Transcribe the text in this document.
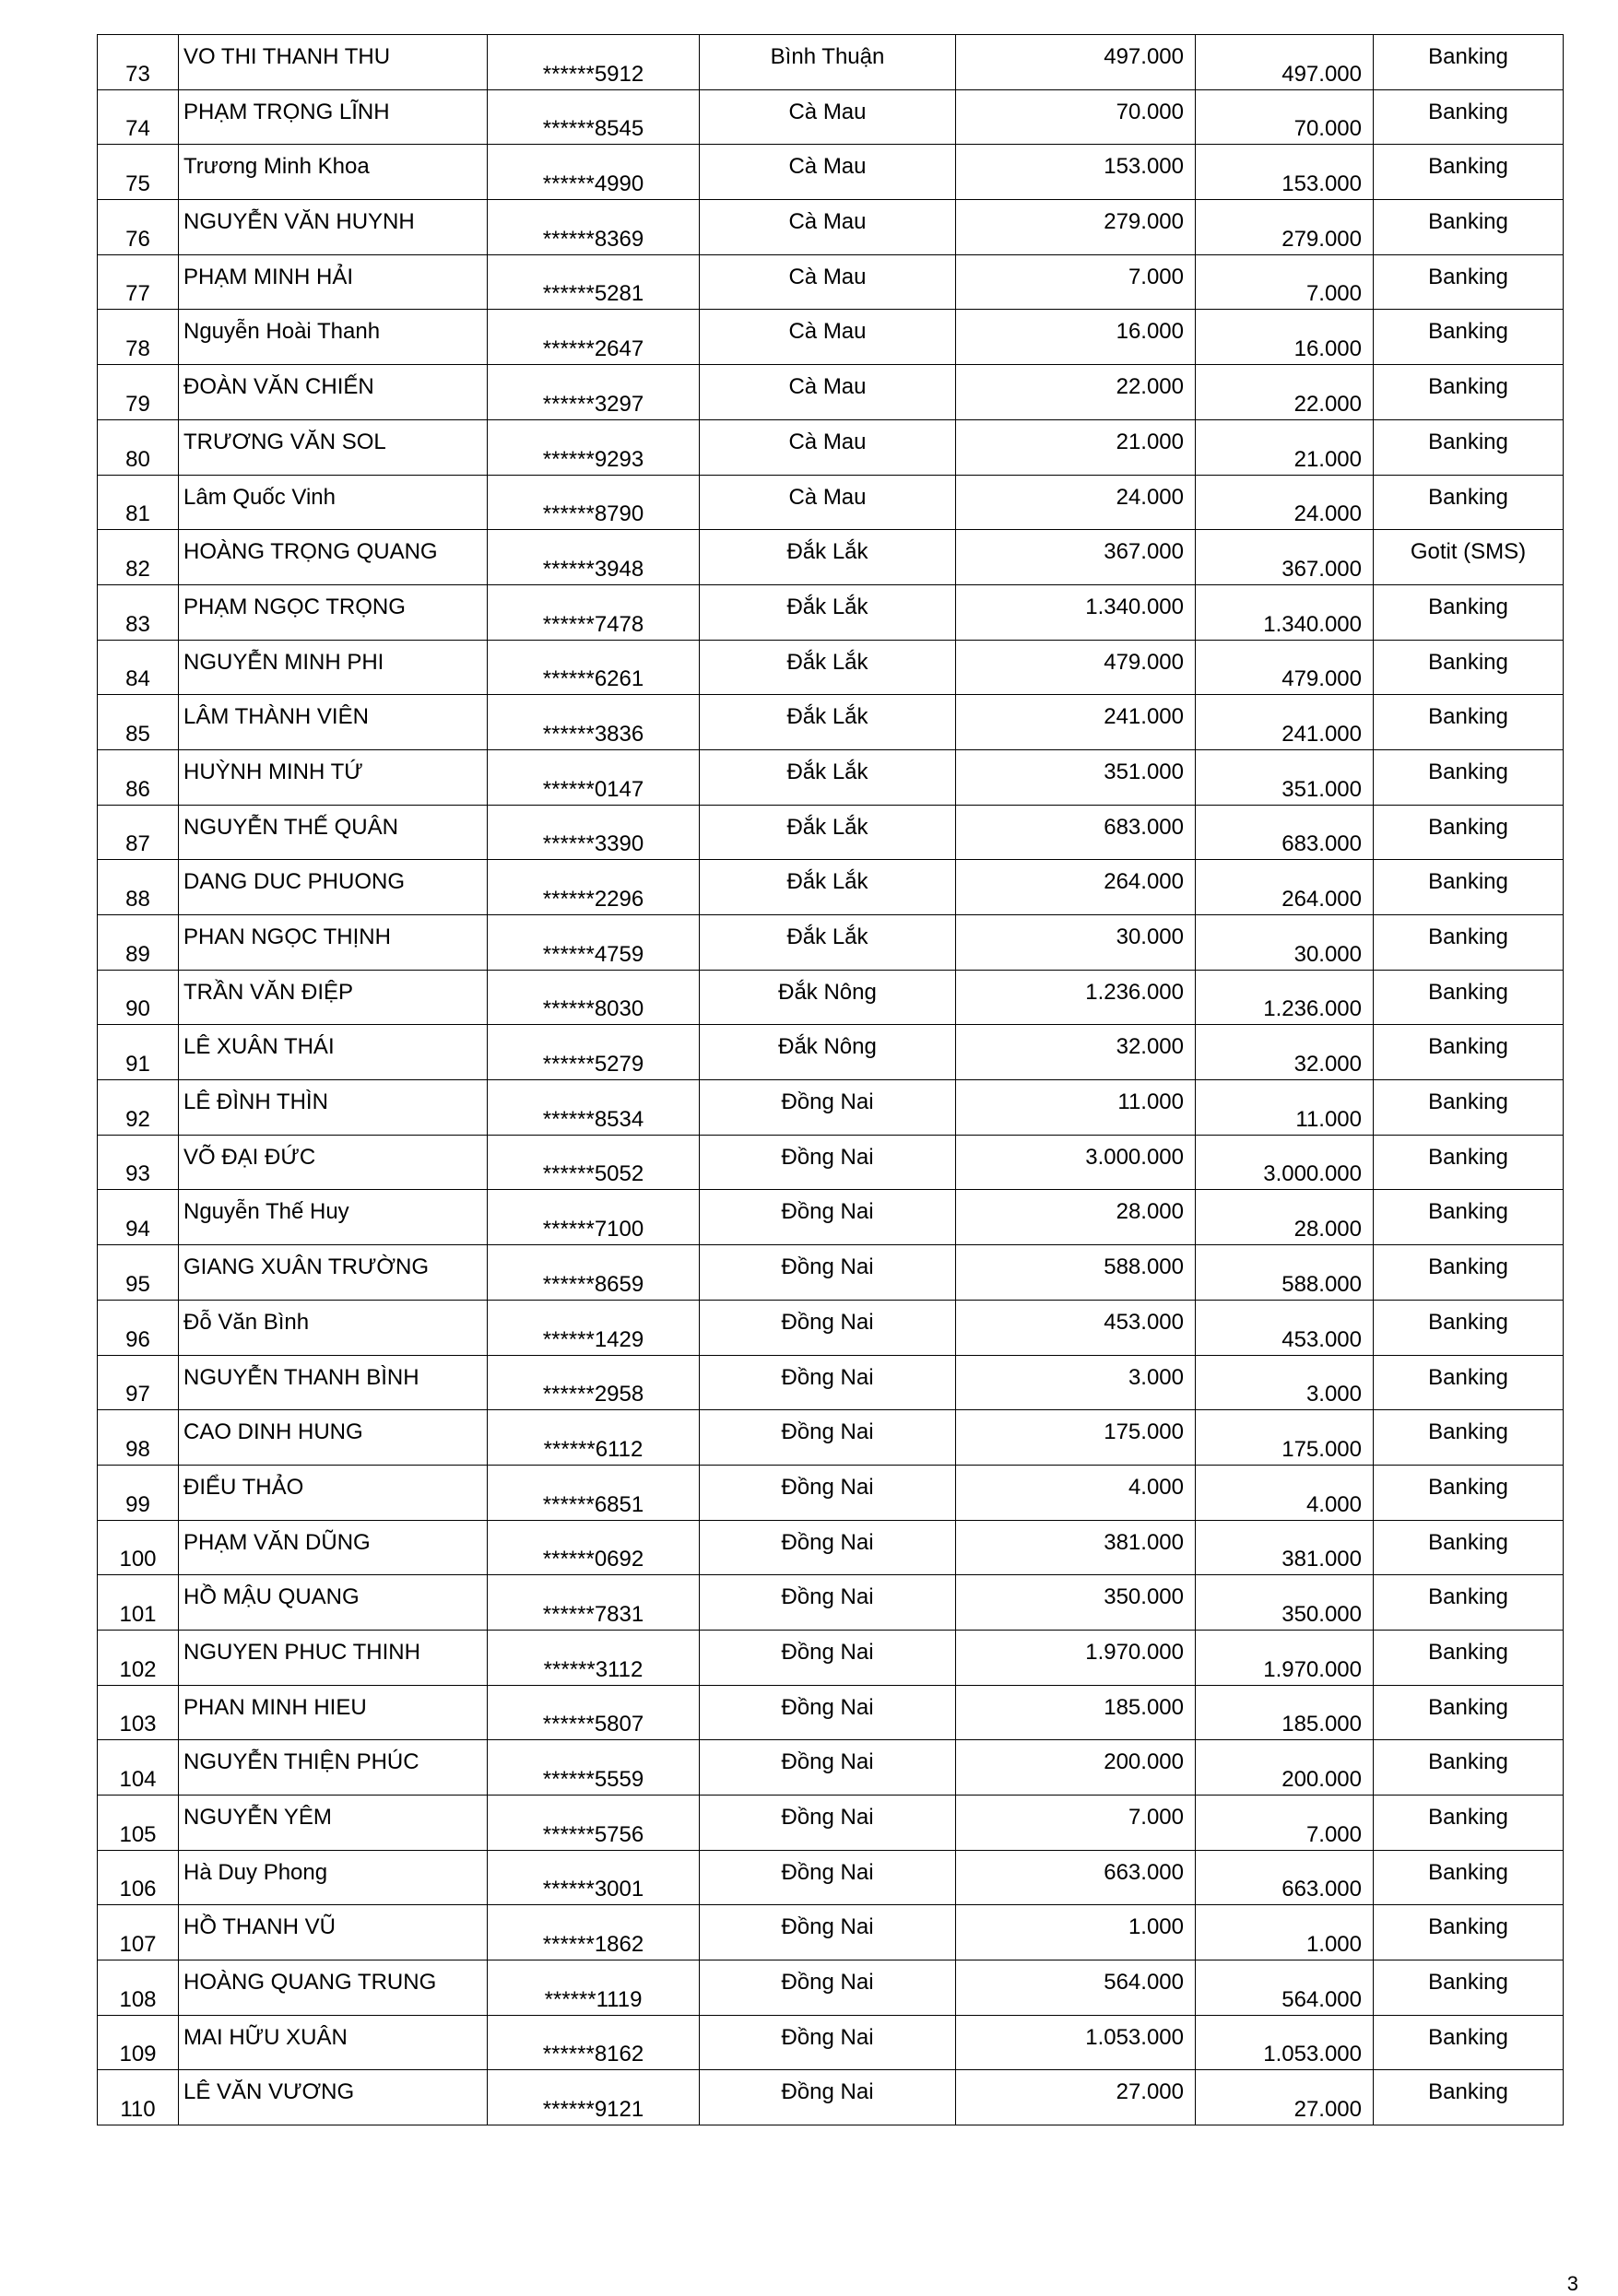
73	VO THI THANH THU	******5912	Bình Thuận	497.000	497.000	Banking
74	PHẠM TRỌNG LĨNH	******8545	Cà Mau	70.000	70.000	Banking
75	Trương Minh Khoa	******4990	Cà Mau	153.000	153.000	Banking
76	NGUYỄN VĂN HUYNH	******8369	Cà Mau	279.000	279.000	Banking
77	PHẠM MINH HẢI	******5281	Cà Mau	7.000	7.000	Banking
78	Nguyễn Hoài Thanh	******2647	Cà Mau	16.000	16.000	Banking
79	ĐOÀN VĂN CHIẾN	******3297	Cà Mau	22.000	22.000	Banking
80	TRƯƠNG VĂN SOL	******9293	Cà Mau	21.000	21.000	Banking
81	Lâm Quốc Vinh	******8790	Cà Mau	24.000	24.000	Banking
82	HOÀNG TRỌNG QUANG	******3948	Đắk Lắk	367.000	367.000	Gotit (SMS)
83	PHẠM NGỌC TRỌNG	******7478	Đắk Lắk	1.340.000	1.340.000	Banking
84	NGUYỄN MINH PHI	******6261	Đắk Lắk	479.000	479.000	Banking
85	LÂM THÀNH VIÊN	******3836	Đắk Lắk	241.000	241.000	Banking
86	HUỲNH MINH TỨ	******0147	Đắk Lắk	351.000	351.000	Banking
87	NGUYỄN THẾ QUÂN	******3390	Đắk Lắk	683.000	683.000	Banking
88	DANG DUC PHUONG	******2296	Đắk Lắk	264.000	264.000	Banking
89	PHAN NGỌC THỊNH	******4759	Đắk Lắk	30.000	30.000	Banking
90	TRẦN VĂN ĐIỆP	******8030	Đắk Nông	1.236.000	1.236.000	Banking
91	LÊ XUÂN THÁI	******5279	Đắk Nông	32.000	32.000	Banking
92	LÊ ĐÌNH THÌN	******8534	Đồng Nai	11.000	11.000	Banking
93	VÕ ĐẠI ĐỨC	******5052	Đồng Nai	3.000.000	3.000.000	Banking
94	Nguyễn Thế Huy	******7100	Đồng Nai	28.000	28.000	Banking
95	GIANG XUÂN TRƯỜNG	******8659	Đồng Nai	588.000	588.000	Banking
96	Đỗ Văn Bình	******1429	Đồng Nai	453.000	453.000	Banking
97	NGUYỄN THANH BÌNH	******2958	Đồng Nai	3.000	3.000	Banking
98	CAO DINH HUNG	******6112	Đồng Nai	175.000	175.000	Banking
99	ĐIỂU THẢO	******6851	Đồng Nai	4.000	4.000	Banking
100	PHẠM VĂN DŨNG	******0692	Đồng Nai	381.000	381.000	Banking
101	HỒ MẬU QUANG	******7831	Đồng Nai	350.000	350.000	Banking
102	NGUYEN PHUC THINH	******3112	Đồng Nai	1.970.000	1.970.000	Banking
103	PHAN MINH HIEU	******5807	Đồng Nai	185.000	185.000	Banking
104	NGUYỄN THIỆN PHÚC	******5559	Đồng Nai	200.000	200.000	Banking
105	NGUYỄN YÊM	******5756	Đồng Nai	7.000	7.000	Banking
106	Hà Duy Phong	******3001	Đồng Nai	663.000	663.000	Banking
107	HỒ THANH VŨ	******1862	Đồng Nai	1.000	1.000	Banking
108	HOÀNG QUANG TRUNG	******1119	Đồng Nai	564.000	564.000	Banking
109	MAI HỮU XUÂN	******8162	Đồng Nai	1.053.000	1.053.000	Banking
110	LÊ VĂN VƯƠNG	******9121	Đồng Nai	27.000	27.000	Banking
3
